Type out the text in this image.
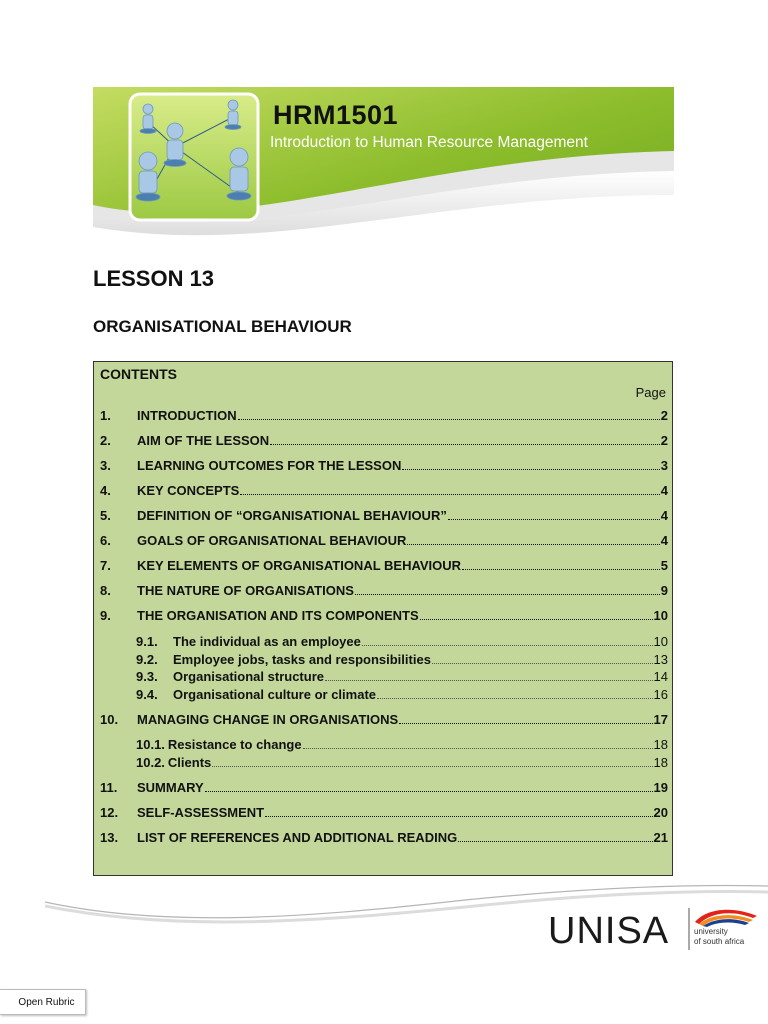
HRM1501
Introduction to Human Resource Management
LESSON 13
ORGANISATIONAL BEHAVIOUR
CONTENTS
Page
1.	INTRODUCTION	2
2.	AIM OF THE LESSON	2
3.	LEARNING OUTCOMES FOR THE LESSON	3
4.	KEY CONCEPTS	4
5.	DEFINITION OF “ORGANISATIONAL BEHAVIOUR”	4
6.	GOALS OF ORGANISATIONAL BEHAVIOUR	4
7.	KEY ELEMENTS OF ORGANISATIONAL BEHAVIOUR	5
8.	THE NATURE OF ORGANISATIONS	9
9.	THE ORGANISATION AND ITS COMPONENTS	10
9.1.	The individual as an employee	10
9.2.	Employee jobs, tasks and responsibilities	13
9.3.	Organisational structure	14
9.4.	Organisational culture or climate	16
10.	MANAGING CHANGE IN ORGANISATIONS	17
10.1. Resistance to change	18
10.2. Clients	18
11.	SUMMARY	19
12.	SELF-ASSESSMENT	20
13.	LIST OF REFERENCES AND ADDITIONAL READING	21
UNISA	university
of south africa
Open Rubric
